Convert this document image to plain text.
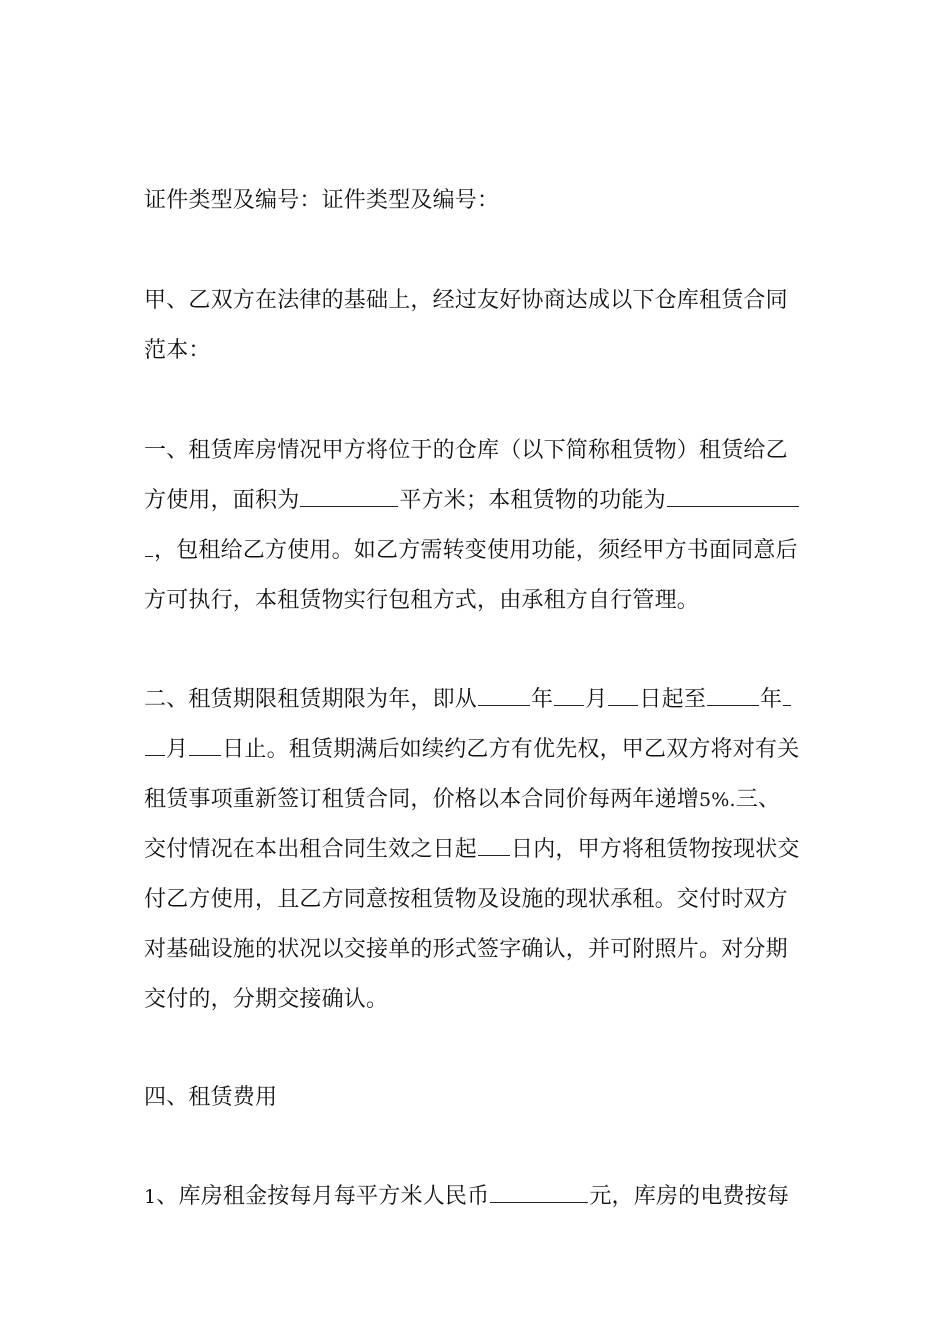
证件类型及编号：证件类型及编号：
甲、乙双方在法律的基础上，经过友好协商达成以下仓库租赁合同
范本：
一、租赁库房情况甲方将位于的仓库（以下简称租赁物）租赁给乙
方使用，面积为	平方米；本租赁物的功能为
，包租给乙方使用。如乙方需转变使用功能，须经甲方书面同意后
方可执行，本租赁物实行包租方式，由承租方自行管理。
二、租赁期限租赁期限为年，即从 年 月 日起至 年
月 日止。租赁期满后如续约乙方有优先权，甲乙双方将对有关
租赁事项重新签订租赁合同，价格以本合同价每两年递增5%.三、
交付情况在本出租合同生效之日起 日内，甲方将租赁物按现状交
付乙方使用，且乙方同意按租赁物及设施的现状承租。交付时双方
对基础设施的状况以交接单的形式签字确认，并可附照片。对分期
交付的，分期交接确认。
四、租赁费用
1、库房租金按每月每平方米人民币	元，库房的电费按每
